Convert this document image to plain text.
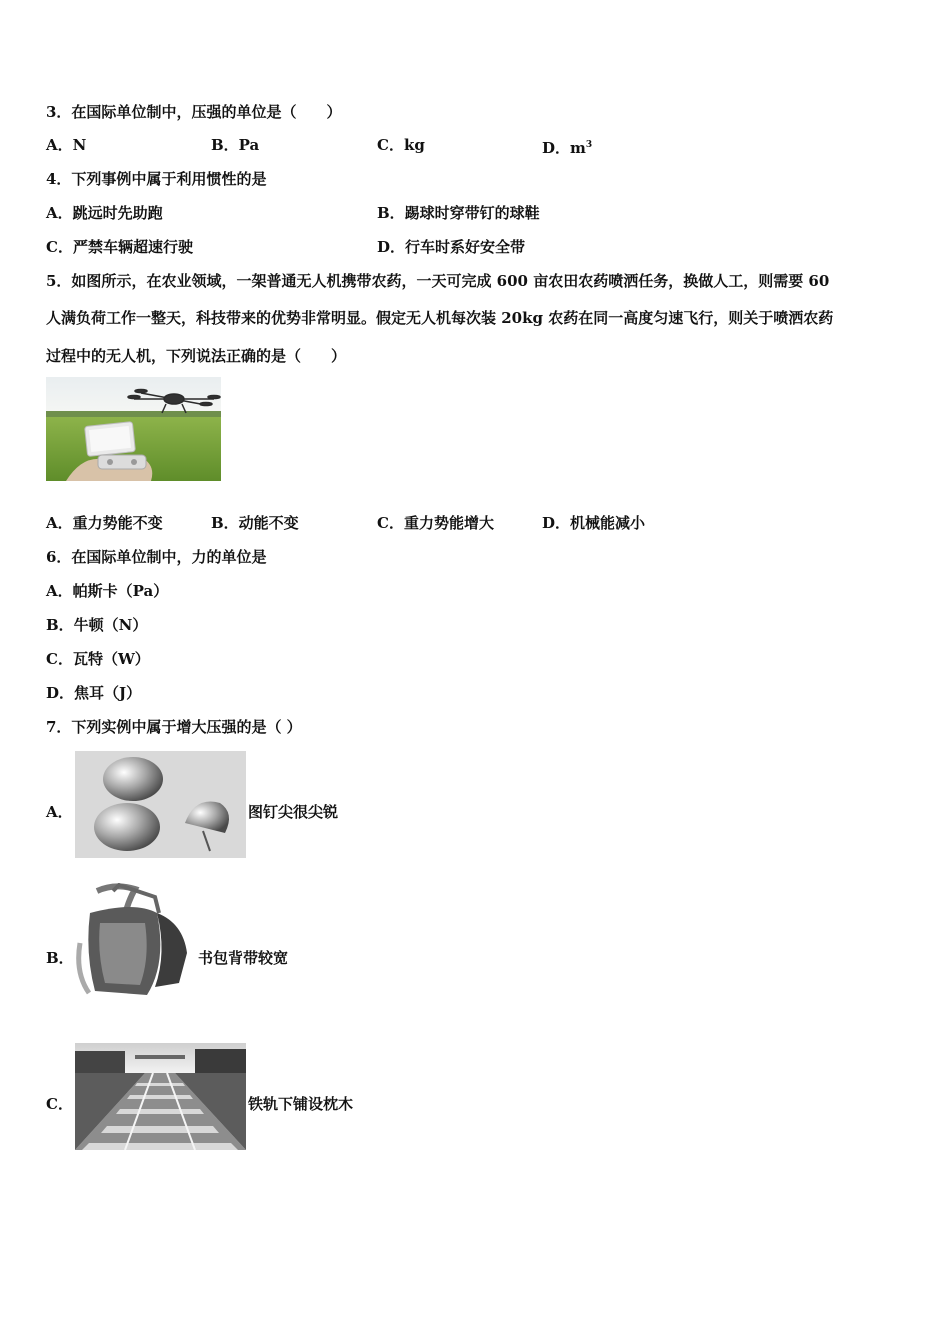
3．在国际单位制中，压强的单位是（　　）
A．N	B．Pa	C．kg	D．$m^3$
4．下列事例中属于利用惯性的是
A．跳远时先助跑	B．踢球时穿带钉的球鞋
C．严禁车辆超速行驶	D．行车时系好安全带
5．如图所示，在农业领域，一架普通无人机携带农药，一天可完成 600 亩农田农药喷洒任务，换做人工，则需要 60
人满负荷工作一整天，科技带来的优势非常明显。假定无人机每次装 20kg 农药在同一高度匀速飞行，则关于喷洒农药
过程中的无人机，下列说法正确的是（　　）
A．重力势能不变	B．动能不变	C．重力势能增大	D．机械能减小
6．在国际单位制中，力的单位是
A．帕斯卡（Pa）
B．牛顿（N）
C．瓦特（W）
D．焦耳（J）
7．下列实例中属于增大压强的是（ ）
A．	图钉尖很尖锐
B．	书包背带较宽
C．	铁轨下铺设枕木
